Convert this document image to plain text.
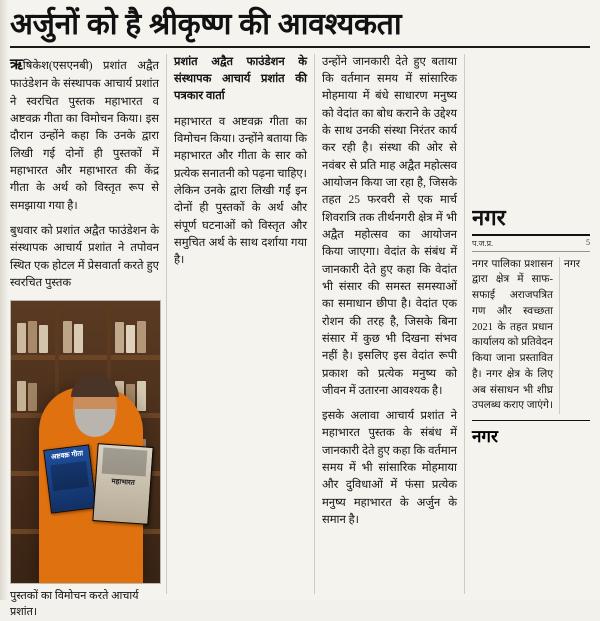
अर्जुनों को है श्रीकृष्ण की आवश्यकता

ऋषिकेश(एसएनबी) प्रशांत अद्वैत फाउंडेशन के संस्थापक आचार्य प्रशांत ने स्वरचित पुस्तक महाभारत व अष्टवक्र गीता का विमोचन किया। इस दौरान उन्होंने कहा कि उनके द्वारा लिखी गई दोनों ही पुस्तकों में महाभारत और महाभारत की केंद्र गीता के अर्थ को विस्तृत रूप से समझाया गया है।

बुधवार को प्रशांत अद्वैत फाउंडेशन के संस्थापक आचार्य प्रशांत ने तपोवन स्थित एक होटल में प्रेसवार्ता करते हुए स्वरचित पुस्तक

अष्टवक्र गीता
महाभारत

पुस्तकों का विमोचन करते आचार्य प्रशांत।

प्रशांत अद्वैत फाउंडेशन के संस्थापक आचार्य प्रशांत की पत्रकार वार्ता

महाभारत व अष्टवक्र गीता का विमोचन किया। उन्होंने बताया कि महाभारत और गीता के सार को प्रत्येक सनातनी को पढ़ना चाहिए। लेकिन उनके द्वारा लिखी गईं इन दोनों ही पुस्तकों के अर्थ और संपूर्ण घटनाओं को विस्तृत और समुचित अर्थ के साथ दर्शाया गया है।

उन्होंने जानकारी देते हुए बताया कि वर्तमान समय में सांसारिक मोहमाया में बंधे साधारण मनुष्य को वेदांत का बोध कराने के उद्देश्य के साथ उनकी संस्था निरंतर कार्य कर रही है। संस्था की ओर से नवंबर से प्रति माह अद्वैत महोत्सव आयोजन किया जा रहा है, जिसके तहत 25 फरवरी से एक मार्च शिवरात्रि तक तीर्थनगरी क्षेत्र में भी अद्वैत महोत्सव का आयोजन किया जाएगा। वेदांत के संबंध में जानकारी देते हुए कहा कि वेदांत भी संसार की समस्त समस्याओं का समाधान छीपा है। वेदांत एक रोशन की तरह है, जिसके बिना संसार में कुछ भी दिखना संभव नहीं है। इसलिए इस वेदांत रूपी प्रकाश को प्रत्येक मनुष्य को जीवन में उतारना आवश्यक है।

इसके अलावा आचार्य प्रशांत ने महाभारत पुस्तक के संबंध में जानकारी देते हुए कहा कि वर्तमान समय में भी सांसारिक मोहमाया और दुविधाओं में फंसा प्रत्येक मनुष्य महाभारत के अर्जुन के समान है।

नगर
प.ज.प्र.	5
नगर पालिका प्रशासन द्वारा क्षेत्र में साफ-सफाई अराजपत्रित गण और स्वच्छता 2021 के तहत प्रधान कार्यालय को प्रतिवेदन किया जाना प्रस्तावित है। नगर क्षेत्र के लिए अब संसाधन भी शीघ्र उपलब्ध कराए जाएंगे।
नगर
नगर
